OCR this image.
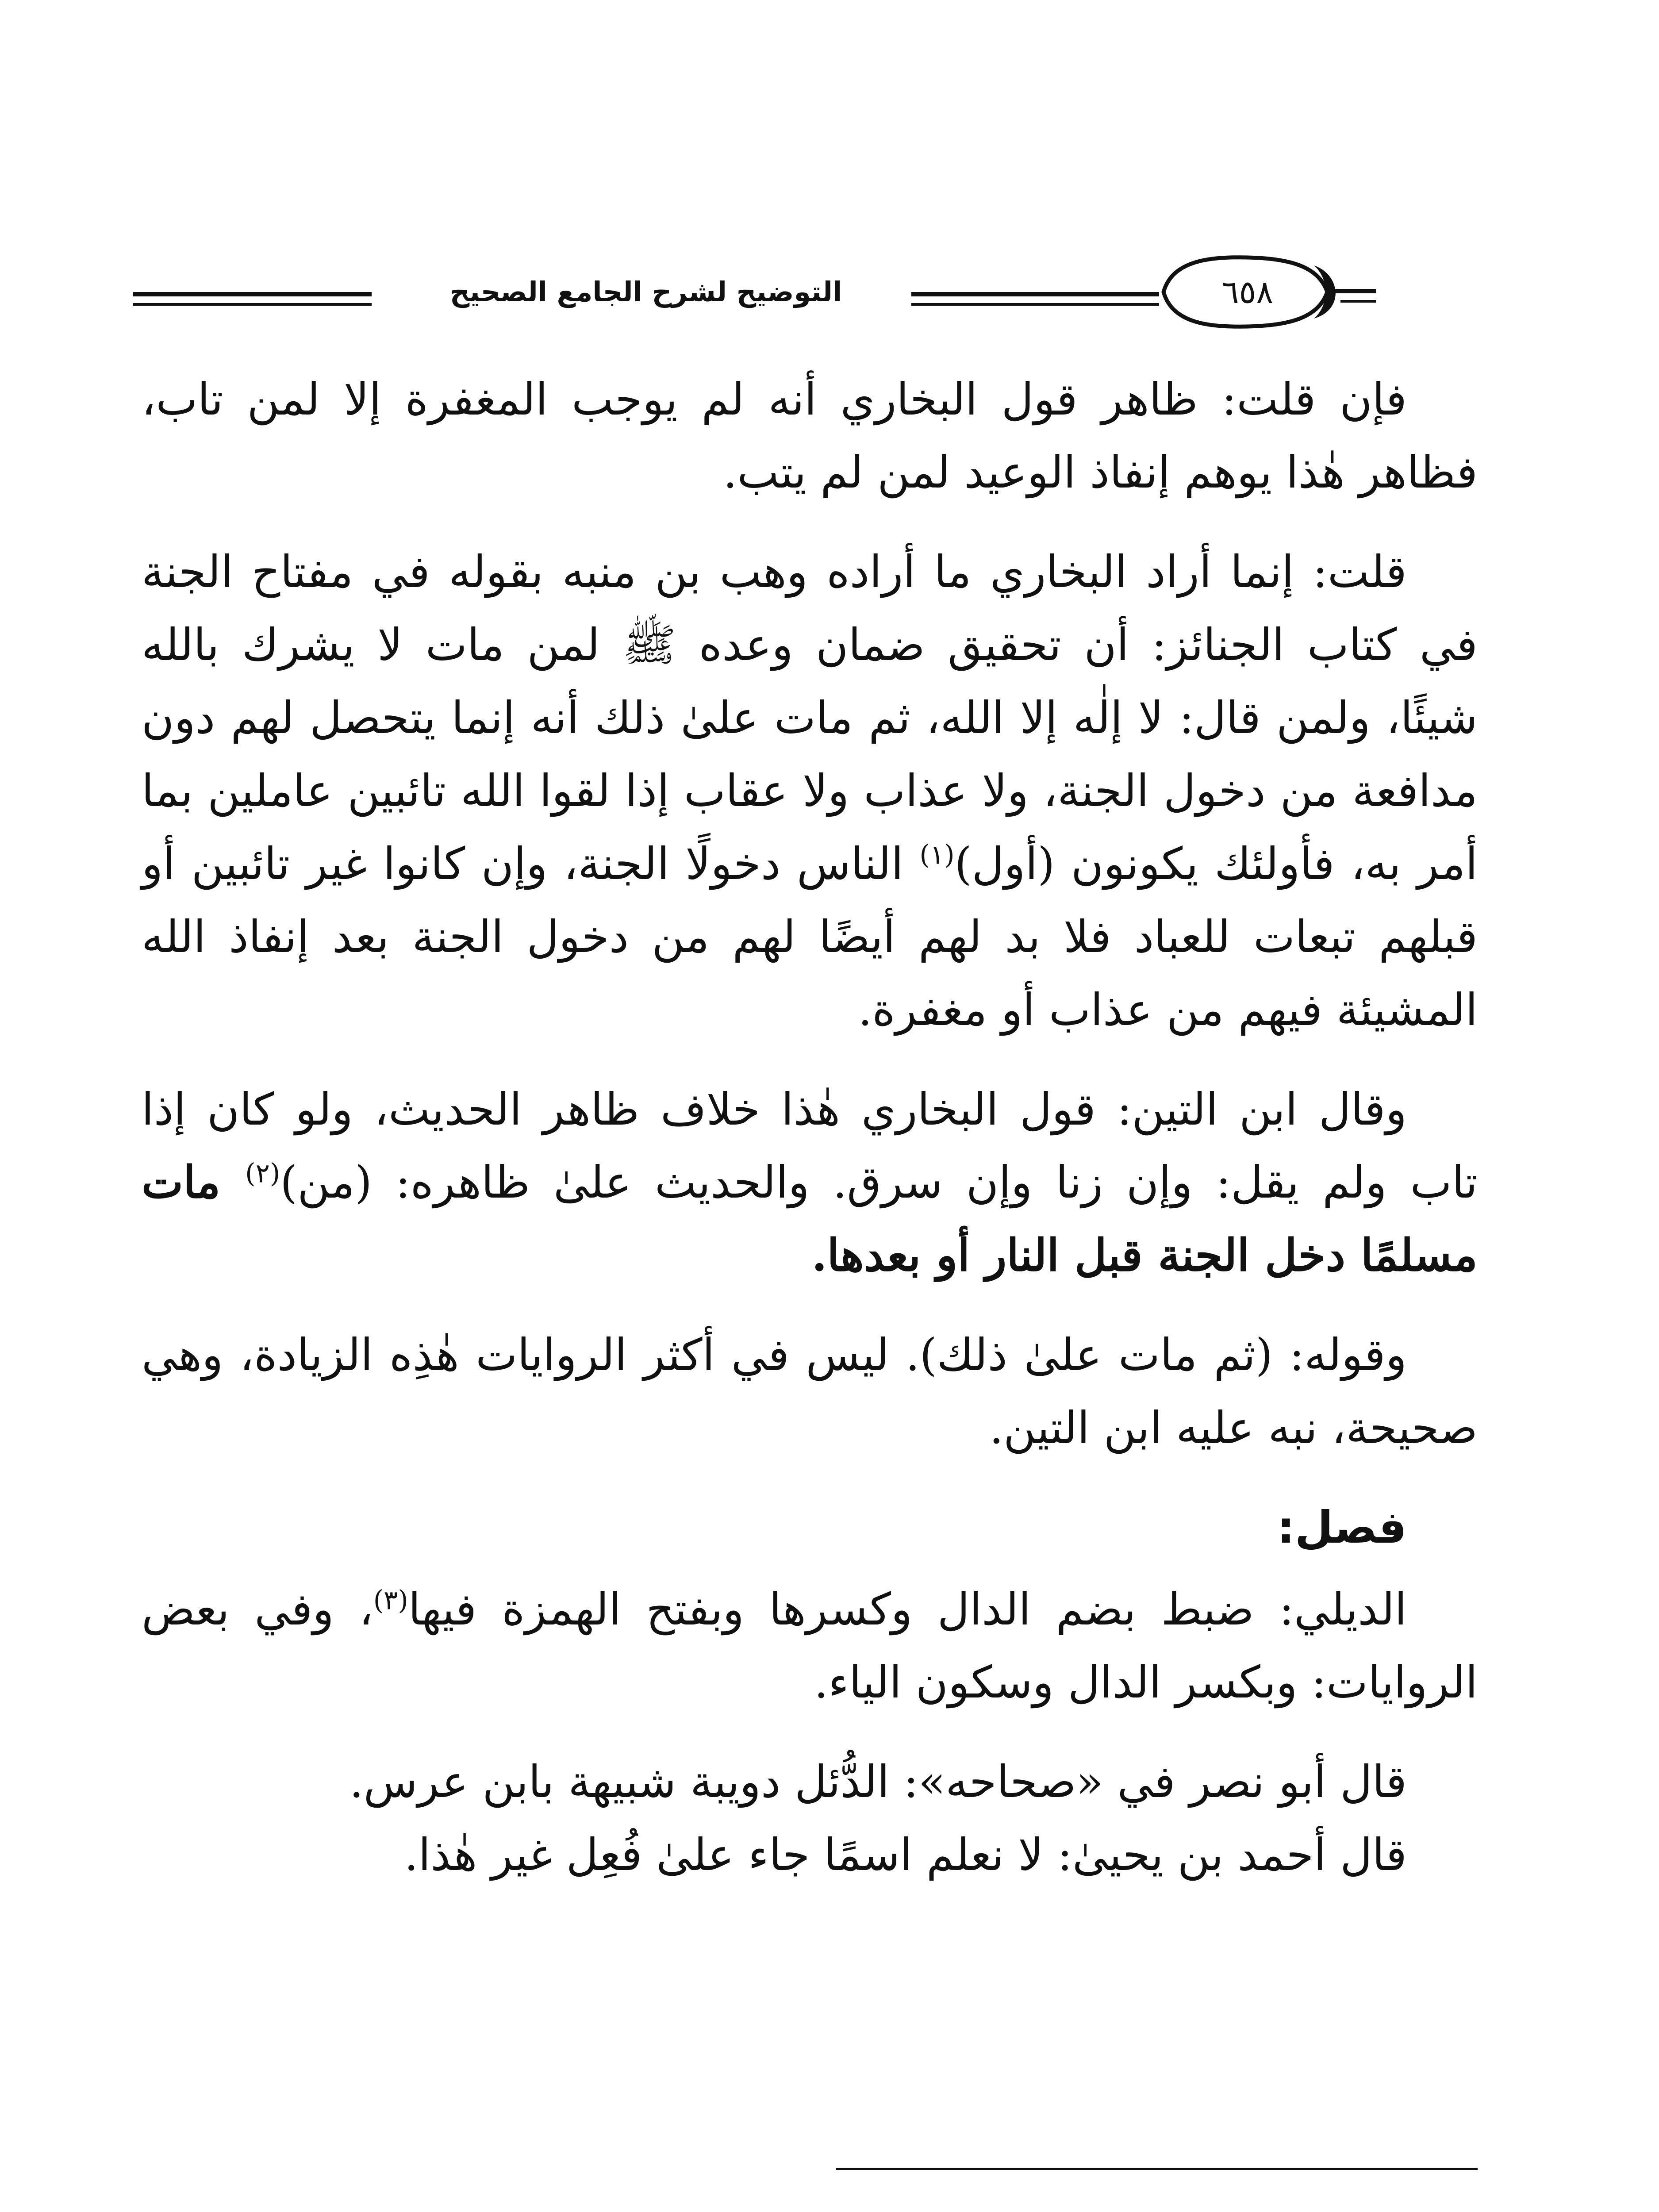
التوضيح لشرح الجامع الصحيح	٦٥٨

فإن قلت: ظاهر قول البخاري أنه لم يوجب المغفرة إلا لمن تاب، فظاهر هٰذا يوهم إنفاذ الوعيد لمن لم يتب.

قلت: إنما أراد البخاري ما أراده وهب بن منبه بقوله في مفتاح الجنة في كتاب الجنائز: أن تحقيق ضمان وعده ﷺ لمن مات لا يشرك بالله شيئًا، ولمن قال: لا إلٰه إلا الله، ثم مات علىٰ ذلك أنه إنما يتحصل لهم دون مدافعة من دخول الجنة، ولا عذاب ولا عقاب إذا لقوا الله تائبين عاملين بما أمر به، فأولئك يكونون (أول)$^{(١)}$ الناس دخولًا الجنة، وإن كانوا غير تائبين أو قبلهم تبعات للعباد فلا بد لهم أيضًا لهم من دخول الجنة بعد إنفاذ الله المشيئة فيهم من عذاب أو مغفرة.

وقال ابن التين: قول البخاري هٰذا خلاف ظاهر الحديث، ولو كان إذا تاب ولم يقل: وإن زنا وإن سرق. والحديث علىٰ ظاهره: (من)$^{(٢)}$ مات مسلمًا دخل الجنة قبل النار أو بعدها.

وقوله: (ثم مات علىٰ ذلك). ليس في أكثر الروايات هٰذِه الزيادة، وهي صحيحة، نبه عليه ابن التين.

فصل:

الديلي: ضبط بضم الدال وكسرها وبفتح الهمزة فيها$^{(٣)}$، وفي بعض الروايات: وبكسر الدال وسكون الياء.

قال أبو نصر في «صحاحه»: الدُّئل دويبة شبيهة بابن عرس.

قال أحمد بن يحيىٰ: لا نعلم اسمًا جاء علىٰ فُعِل غير هٰذا.
